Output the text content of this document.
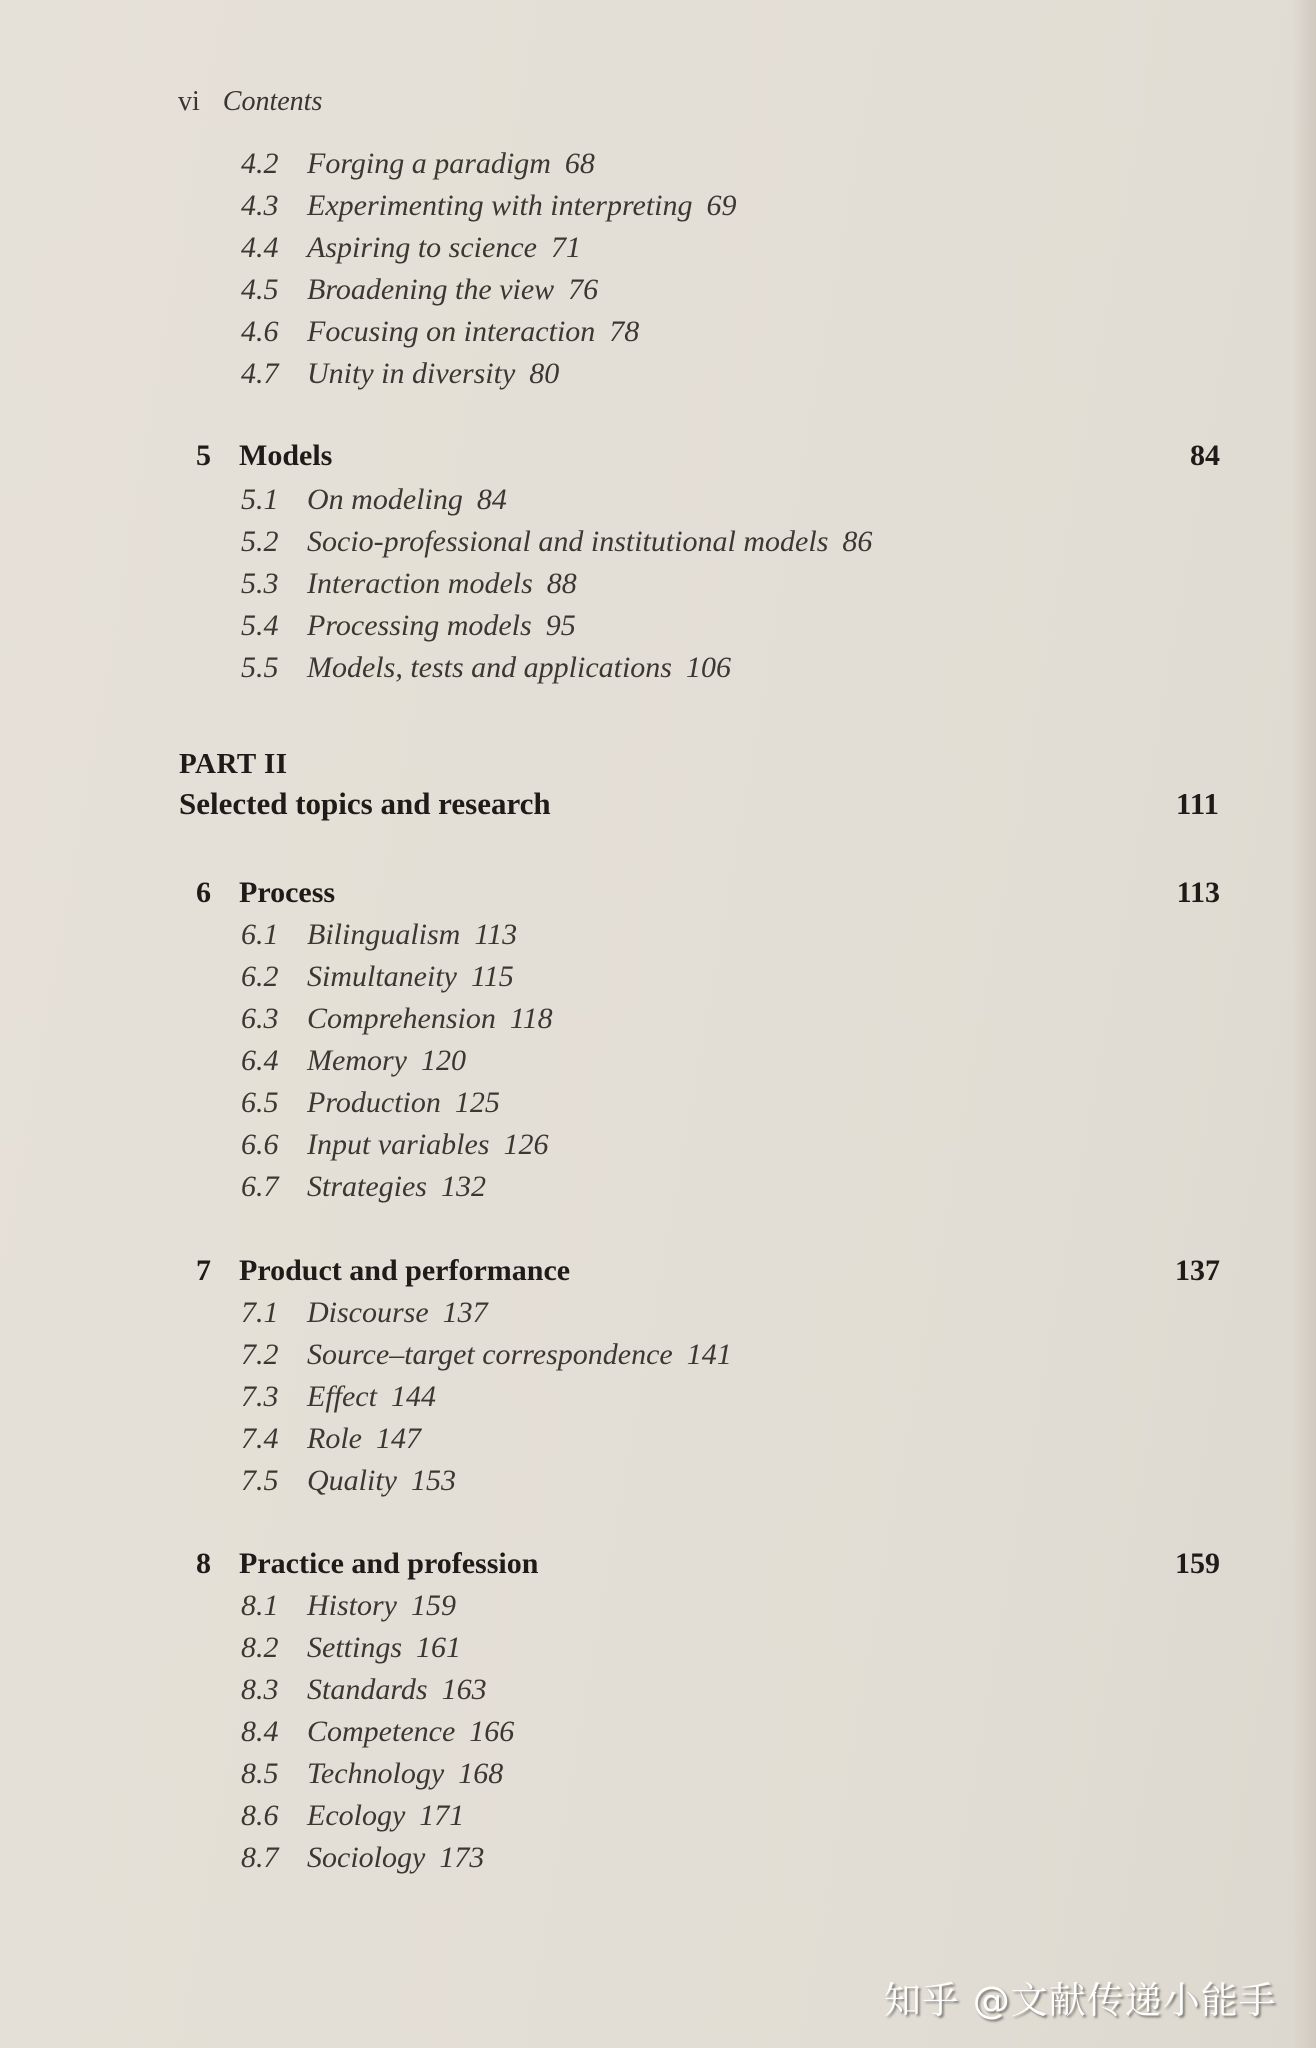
vi Contents
4.2 Forging a paradigm 68
4.3 Experimenting with interpreting 69
4.4 Aspiring to science 71
4.5 Broadening the view 76
4.6 Focusing on interaction 78
4.7 Unity in diversity 80
5 Models	84
5.1 On modeling 84
5.2 Socio-professional and institutional models 86
5.3 Interaction models 88
5.4 Processing models 95
5.5 Models, tests and applications 106
PART II
Selected topics and research	111
6 Process	113
6.1 Bilingualism 113
6.2 Simultaneity 115
6.3 Comprehension 118
6.4 Memory 120
6.5 Production 125
6.6 Input variables 126
6.7 Strategies 132
7 Product and performance	137
7.1 Discourse 137
7.2 Source–target correspondence 141
7.3 Effect 144
7.4 Role 147
7.5 Quality 153
8 Practice and profession	159
8.1 History 159
8.2 Settings 161
8.3 Standards 163
8.4 Competence 166
8.5 Technology 168
8.6 Ecology 171
8.7 Sociology 173
知乎 @文献传递小能手
